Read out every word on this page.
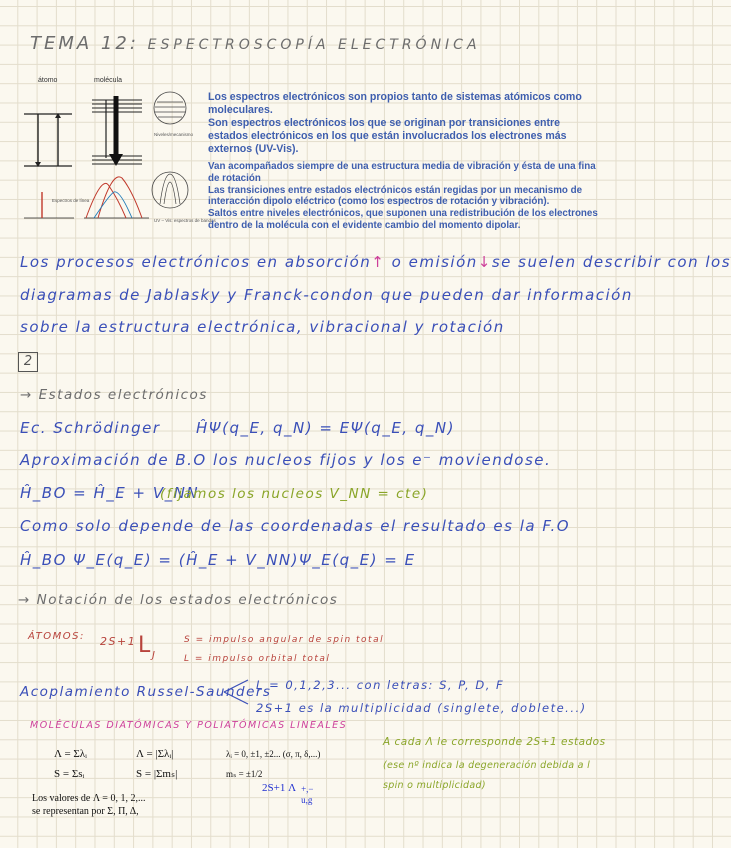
TEMA 12: ESPECTROSCOPÍA ELECTRÓNICA
átomo	molécula
Niveles/mecanismo
Espectros de línea
UV – Vis: espectros de bandas
Los espectros electrónicos son propios tanto de sistemas atómicos como
moleculares.
Son espectros electrónicos los que se originan por transiciones entre
estados electrónicos en los que están involucrados los electrones más
externos (UV-Vis).
Van acompañados siempre de una estructura media de vibración y ésta de una fina
de rotación
Las transiciones entre estados electrónicos están regidas por un mecanismo de
interacción dipolo eléctrico (como los espectros de rotación y vibración).
Saltos entre niveles electrónicos, que suponen una redistribución de los electrones
dentro de la molécula con el evidente cambio del momento dipolar.
Los procesos electrónicos en absorción↑ o emisión↓se suelen describir con los
diagramas de Jablasky y Franck-condon que pueden dar información
sobre la estructura electrónica, vibracional y rotación
2
→ Estados electrónicos
Ec. Schrödinger ĤΨ(q_E, q_N) = EΨ(q_E, q_N)
Aproximación de B.O los nucleos fijos y los e⁻ moviendose.
Ĥ_BO = Ĥ_E + V_NN
(fijamos los nucleos V_NN = cte)
Como solo depende de las coordenadas el resultado es la F.O
Ĥ_BO Ψ_E(q_E) = (Ĥ_E + V_NN)Ψ_E(q_E) = E
→ Notación de los estados electrónicos
ÁTOMOS: 2S+1 L J
S = impulso angular de spin total
L = impulso orbital total
Acoplamiento Russel-Saunders
L = 0,1,2,3... con letras: S, P, D, F
2S+1 es la multiplicidad (singlete, doblete...)
MOLÉCULAS DIATÓMICAS Y POLIATÓMICAS LINEALES
Λ = Σλᵢ
S = Σsᵢ
Λ = |Σλᵢ|
S = |Σmₛ|
λᵢ = 0, ±1, ±2... (σ, π, δ,...)
mₛ = ±1/2
Los valores de Λ = 0, 1, 2,...
se representan por Σ, Π, Δ,
$^{2S+1 \Lambda}$ +,−
u,g
A cada Λ le corresponde 2S+1 estados
(ese nº indica la degeneración debida a l
spin o multiplicidad)
